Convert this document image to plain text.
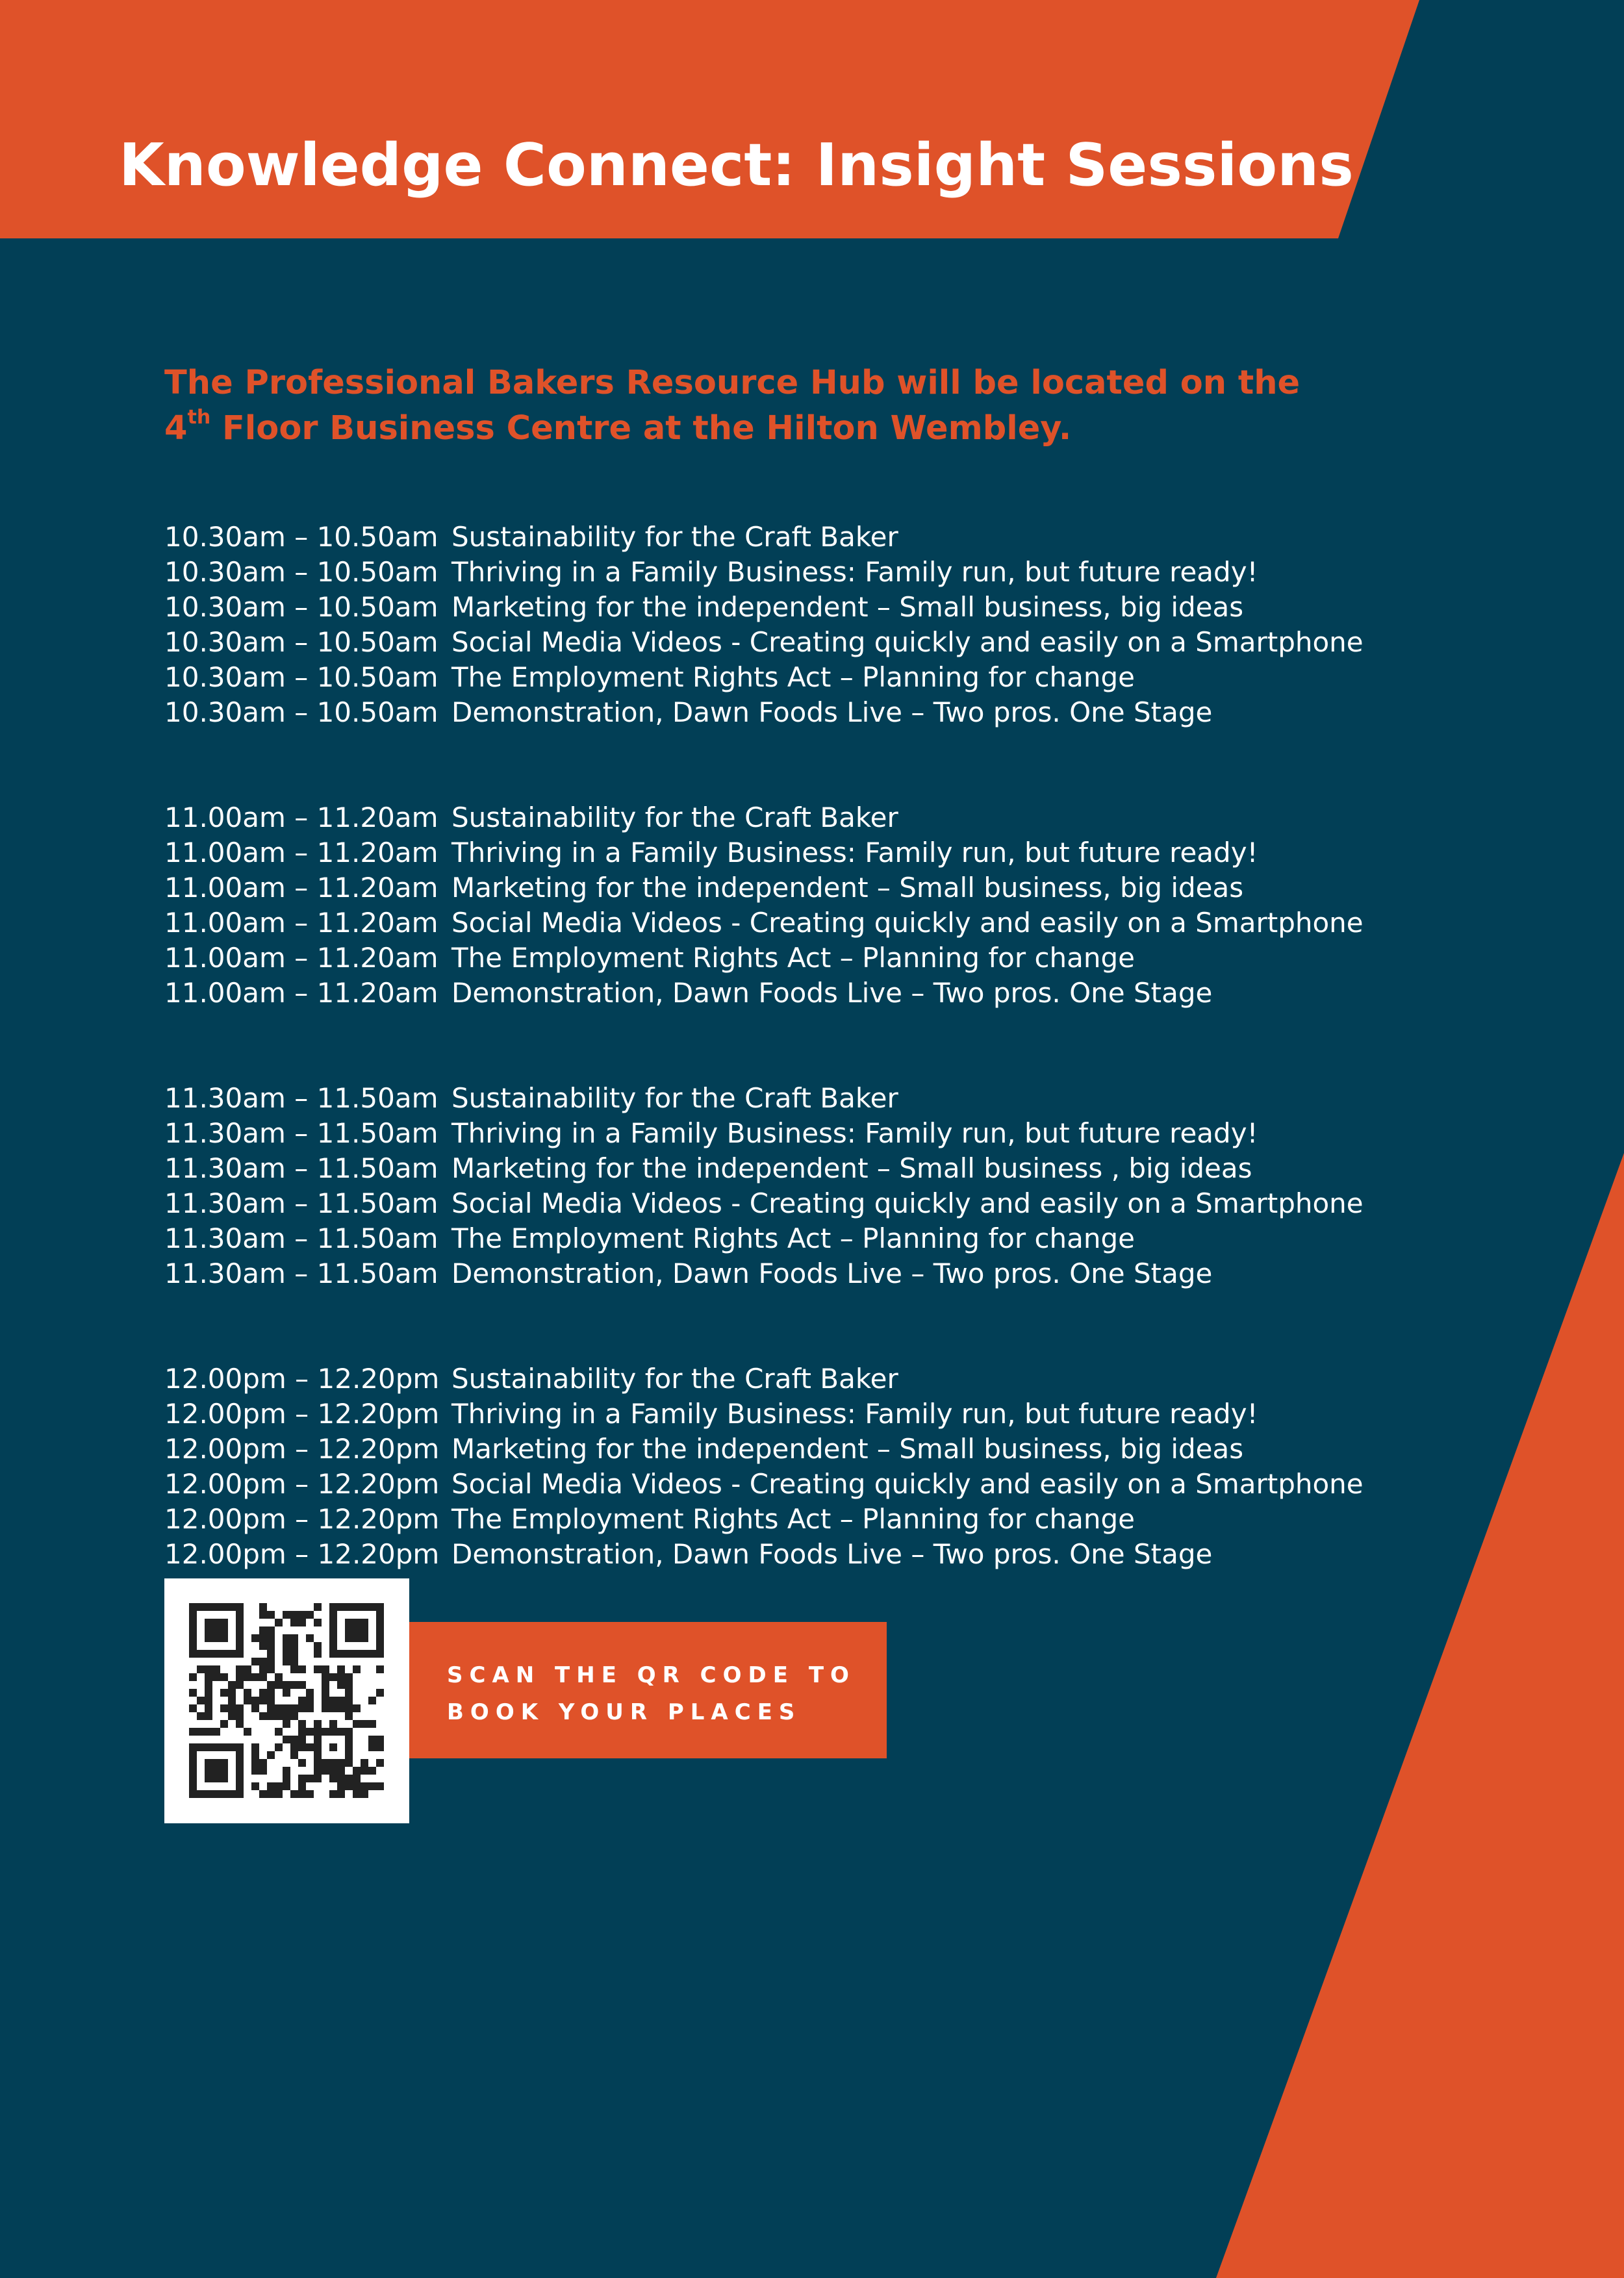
Knowledge Connect: Insight Sessions

The Professional Bakers Resource Hub will be located on the
4th Floor Business Centre at the Hilton Wembley.

10.30am – 10.50am Sustainability for the Craft Baker
10.30am – 10.50am Thriving in a Family Business: Family run, but future ready!
10.30am – 10.50am Marketing for the independent – Small business, big ideas
10.30am – 10.50am Social Media Videos - Creating quickly and easily on a Smartphone
10.30am – 10.50am The Employment Rights Act – Planning for change
10.30am – 10.50am Demonstration, Dawn Foods Live – Two pros. One Stage
11.00am – 11.20am Sustainability for the Craft Baker
11.00am – 11.20am Thriving in a Family Business: Family run, but future ready!
11.00am – 11.20am Marketing for the independent – Small business, big ideas
11.00am – 11.20am Social Media Videos - Creating quickly and easily on a Smartphone
11.00am – 11.20am The Employment Rights Act – Planning for change
11.00am – 11.20am Demonstration, Dawn Foods Live – Two pros. One Stage
11.30am – 11.50am Sustainability for the Craft Baker
11.30am – 11.50am Thriving in a Family Business: Family run, but future ready!
11.30am – 11.50am Marketing for the independent – Small business , big ideas
11.30am – 11.50am Social Media Videos - Creating quickly and easily on a Smartphone
11.30am – 11.50am The Employment Rights Act – Planning for change
11.30am – 11.50am Demonstration, Dawn Foods Live – Two pros. One Stage
12.00pm – 12.20pm Sustainability for the Craft Baker
12.00pm – 12.20pm Thriving in a Family Business: Family run, but future ready!
12.00pm – 12.20pm Marketing for the independent – Small business, big ideas
12.00pm – 12.20pm Social Media Videos - Creating quickly and easily on a Smartphone
12.00pm – 12.20pm The Employment Rights Act – Planning for change
12.00pm – 12.20pm Demonstration, Dawn Foods Live – Two pros. One Stage
SCAN THE QR CODE TO
BOOK YOUR PLACES
